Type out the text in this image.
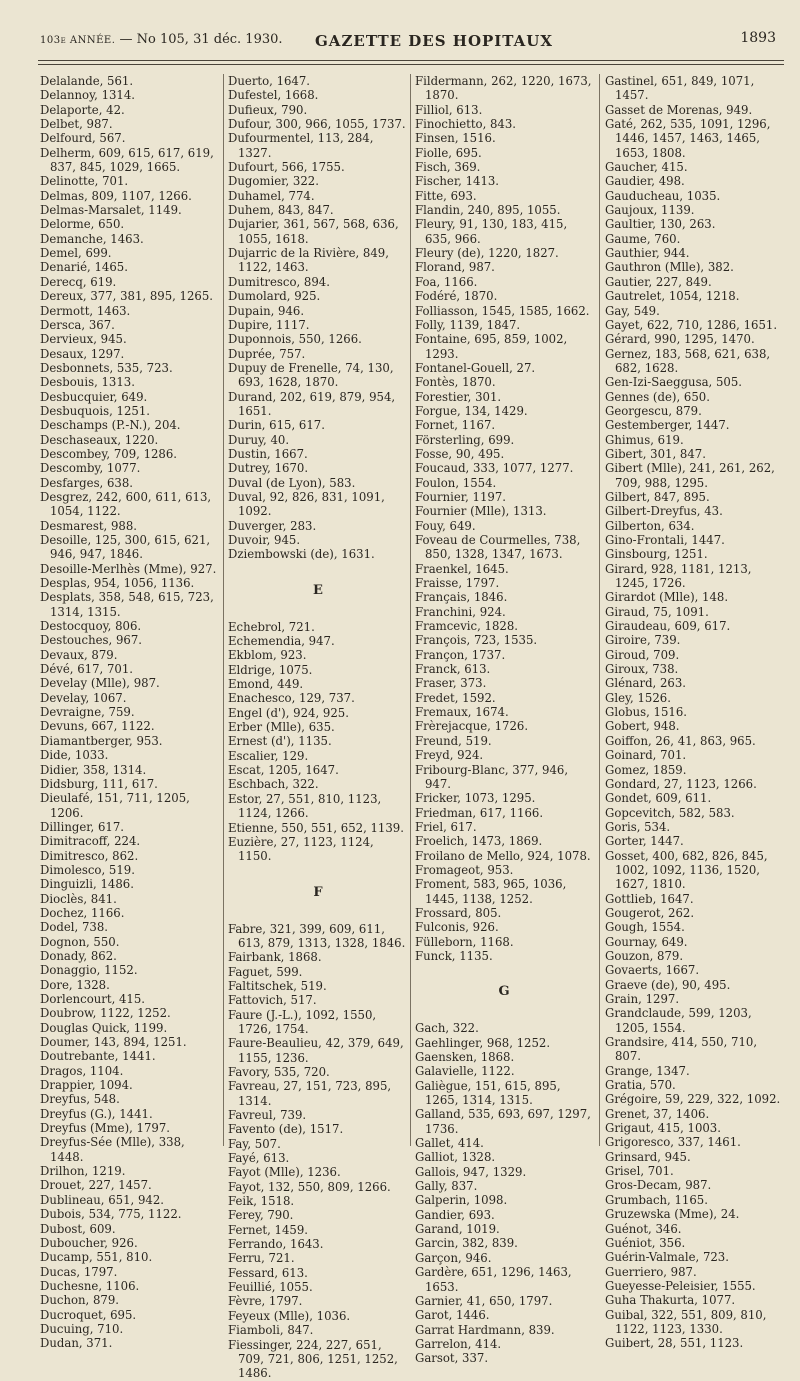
103e ANNÉE. — No 105, 31 déc. 1930. GAZETTE DES HOPITAUX	1893
Delalande, 561.
Delannoy, 1314.
Delaporte, 42.
Delbet, 987.
Delfourd, 567.
Delherm, 609, 615, 617, 619, 837, 845, 1029, 1665.
Delinotte, 701.
Delmas, 809, 1107, 1266.
Delmas-Marsalet, 1149.
Delorme, 650.
Demanche, 1463.
Demel, 699.
Denarié, 1465.
Derecq, 619.
Dereux, 377, 381, 895, 1265.
Dermott, 1463.
Dersca, 367.
Dervieux, 945.
Desaux, 1297.
Desbonnets, 535, 723.
Desbouis, 1313.
Desbucquier, 649.
Desbuquois, 1251.
Deschamps (P.-N.), 204.
Deschaseaux, 1220.
Descombey, 709, 1286.
Descomby, 1077.
Desfarges, 638.
Desgrez, 242, 600, 611, 613, 1054, 1122.
Desmarest, 988.
Desoille, 125, 300, 615, 621, 946, 947, 1846.
Desoille-Merlhès (Mme), 927.
Desplas, 954, 1056, 1136.
Desplats, 358, 548, 615, 723, 1314, 1315.
Destocquoy, 806.
Destouches, 967.
Devaux, 879.
Dévé, 617, 701.
Develay (Mlle), 987.
Develay, 1067.
Devraigne, 759.
Devuns, 667, 1122.
Diamantberger, 953.
Dide, 1033.
Didier, 358, 1314.
Didsburg, 111, 617.
Dieulafé, 151, 711, 1205, 1206.
Dillinger, 617.
Dimitracoff, 224.
Dimitresco, 862.
Dimolesco, 519.
Dinguizli, 1486.
Dioclès, 841.
Dochez, 1166.
Dodel, 738.
Dognon, 550.
Donady, 862.
Donaggio, 1152.
Dore, 1328.
Dorlencourt, 415.
Doubrow, 1122, 1252.
Douglas Quick, 1199.
Doumer, 143, 894, 1251.
Doutrebante, 1441.
Dragos, 1104.
Drappier, 1094.
Dreyfus, 548.
Dreyfus (G.), 1441.
Dreyfus (Mme), 1797.
Dreyfus-Sée (Mlle), 338, 1448.
Drilhon, 1219.
Drouet, 227, 1457.
Dublineau, 651, 942.
Dubois, 534, 775, 1122.
Dubost, 609.
Duboucher, 926.
Ducamp, 551, 810.
Ducas, 1797.
Duchesne, 1106.
Duchon, 879.
Ducroquet, 695.
Ducuing, 710.
Dudan, 371.
Duerto, 1647.
Dufestel, 1668.
Dufieux, 790.
Dufour, 300, 966, 1055, 1737.
Dufourmentel, 113, 284, 1327.
Dufourt, 566, 1755.
Dugomier, 322.
Duhamel, 774.
Duhem, 843, 847.
Dujarier, 361, 567, 568, 636, 1055, 1618.
Dujarric de la Rivière, 849, 1122, 1463.
Dumitresco, 894.
Dumolard, 925.
Dupain, 946.
Dupire, 1117.
Duponnois, 550, 1266.
Duprée, 757.
Dupuy de Frenelle, 74, 130, 693, 1628, 1870.
Durand, 202, 619, 879, 954, 1651.
Durin, 615, 617.
Duruy, 40.
Dustin, 1667.
Dutrey, 1670.
Duval (de Lyon), 583.
Duval, 92, 826, 831, 1091, 1092.
Duverger, 283.
Duvoir, 945.
Dziembowski (de), 1631.
E
Echebrol, 721.
Echemendia, 947.
Ekblom, 923.
Eldrige, 1075.
Emond, 449.
Enachesco, 129, 737.
Engel (d'), 924, 925.
Erber (Mlle), 635.
Ernest (d'), 1135.
Escalier, 129.
Escat, 1205, 1647.
Eschbach, 322.
Estor, 27, 551, 810, 1123, 1124, 1266.
Etienne, 550, 551, 652, 1139.
Euzière, 27, 1123, 1124, 1150.
F
Fabre, 321, 399, 609, 611, 613, 879, 1313, 1328, 1846.
Fairbank, 1868.
Faguet, 599.
Faltitschek, 519.
Fattovich, 517.
Faure (J.-L.), 1092, 1550, 1726, 1754.
Faure-Beaulieu, 42, 379, 649, 1155, 1236.
Favory, 535, 720.
Favreau, 27, 151, 723, 895, 1314.
Favreul, 739.
Favento (de), 1517.
Fay, 507.
Fayé, 613.
Fayot (Mlle), 1236.
Fayot, 132, 550, 809, 1266.
Feik, 1518.
Ferey, 790.
Fernet, 1459.
Ferrando, 1643.
Ferru, 721.
Fessard, 613.
Feuillié, 1055.
Fèvre, 1797.
Feyeux (Mlle), 1036.
Fiamboli, 847.
Fiessinger, 224, 227, 651, 709, 721, 806, 1251, 1252, 1486.
Fildermann, 262, 1220, 1673, 1870.
Filliol, 613.
Finochietto, 843.
Finsen, 1516.
Fiolle, 695.
Fisch, 369.
Fischer, 1413.
Fitte, 693.
Flandin, 240, 895, 1055.
Fleury, 91, 130, 183, 415, 635, 966.
Fleury (de), 1220, 1827.
Florand, 987.
Foa, 1166.
Fodéré, 1870.
Folliasson, 1545, 1585, 1662.
Folly, 1139, 1847.
Fontaine, 695, 859, 1002, 1293.
Fontanel-Gouell, 27.
Fontès, 1870.
Forestier, 301.
Forgue, 134, 1429.
Fornet, 1167.
Försterling, 699.
Fosse, 90, 495.
Foucaud, 333, 1077, 1277.
Foulon, 1554.
Fournier, 1197.
Fournier (Mlle), 1313.
Fouy, 649.
Foveau de Courmelles, 738, 850, 1328, 1347, 1673.
Fraenkel, 1645.
Fraisse, 1797.
Français, 1846.
Franchini, 924.
Framcevic, 1828.
François, 723, 1535.
Françon, 1737.
Franck, 613.
Fraser, 373.
Fredet, 1592.
Fremaux, 1674.
Frèrejacque, 1726.
Freund, 519.
Freyd, 924.
Fribourg-Blanc, 377, 946, 947.
Fricker, 1073, 1295.
Friedman, 617, 1166.
Friel, 617.
Froelich, 1473, 1869.
Froilano de Mello, 924, 1078.
Fromageot, 953.
Froment, 583, 965, 1036, 1445, 1138, 1252.
Frossard, 805.
Fulconis, 926.
Fülleborn, 1168.
Funck, 1135.
G
Gach, 322.
Gaehlinger, 968, 1252.
Gaensken, 1868.
Galavielle, 1122.
Galiègue, 151, 615, 895, 1265, 1314, 1315.
Galland, 535, 693, 697, 1297, 1736.
Gallet, 414.
Galliot, 1328.
Gallois, 947, 1329.
Gally, 837.
Galperin, 1098.
Gandier, 693.
Garand, 1019.
Garcin, 382, 839.
Garçon, 946.
Gardère, 651, 1296, 1463, 1653.
Garnier, 41, 650, 1797.
Garot, 1446.
Garrat Hardmann, 839.
Garrelon, 414.
Garsot, 337.
Gastinel, 651, 849, 1071, 1457.
Gasset de Morenas, 949.
Gaté, 262, 535, 1091, 1296, 1446, 1457, 1463, 1465, 1653, 1808.
Gaucher, 415.
Gaudier, 498.
Gauducheau, 1035.
Gaujoux, 1139.
Gaultier, 130, 263.
Gaume, 760.
Gauthier, 944.
Gauthron (Mlle), 382.
Gautier, 227, 849.
Gautrelet, 1054, 1218.
Gay, 549.
Gayet, 622, 710, 1286, 1651.
Gérard, 990, 1295, 1470.
Gernez, 183, 568, 621, 638, 682, 1628.
Gen-Izi-Saeggusa, 505.
Gennes (de), 650.
Georgescu, 879.
Gestemberger, 1447.
Ghimus, 619.
Gibert, 301, 847.
Gibert (Mlle), 241, 261, 262, 709, 988, 1295.
Gilbert, 847, 895.
Gilbert-Dreyfus, 43.
Gilberton, 634.
Gino-Frontali, 1447.
Ginsbourg, 1251.
Girard, 928, 1181, 1213, 1245, 1726.
Girardot (Mlle), 148.
Giraud, 75, 1091.
Giraudeau, 609, 617.
Giroire, 739.
Giroud, 709.
Giroux, 738.
Glénard, 263.
Gley, 1526.
Globus, 1516.
Gobert, 948.
Goiffon, 26, 41, 863, 965.
Goinard, 701.
Gomez, 1859.
Gondard, 27, 1123, 1266.
Gondet, 609, 611.
Gopcevitch, 582, 583.
Goris, 534.
Gorter, 1447.
Gosset, 400, 682, 826, 845, 1002, 1092, 1136, 1520, 1627, 1810.
Gottlieb, 1647.
Gougerot, 262.
Gough, 1554.
Gournay, 649.
Gouzon, 879.
Govaerts, 1667.
Graeve (de), 90, 495.
Grain, 1297.
Grandclaude, 599, 1203, 1205, 1554.
Grandsire, 414, 550, 710, 807.
Grange, 1347.
Gratia, 570.
Grégoire, 59, 229, 322, 1092.
Grenet, 37, 1406.
Grigaut, 415, 1003.
Grigoresco, 337, 1461.
Grinsard, 945.
Grisel, 701.
Gros-Decam, 987.
Grumbach, 1165.
Gruzewska (Mme), 24.
Guénot, 346.
Guéniot, 356.
Guérin-Valmale, 723.
Guerriero, 987.
Gueyesse-Peleisier, 1555.
Guha Thakurta, 1077.
Guibal, 322, 551, 809, 810, 1122, 1123, 1330.
Guibert, 28, 551, 1123.
